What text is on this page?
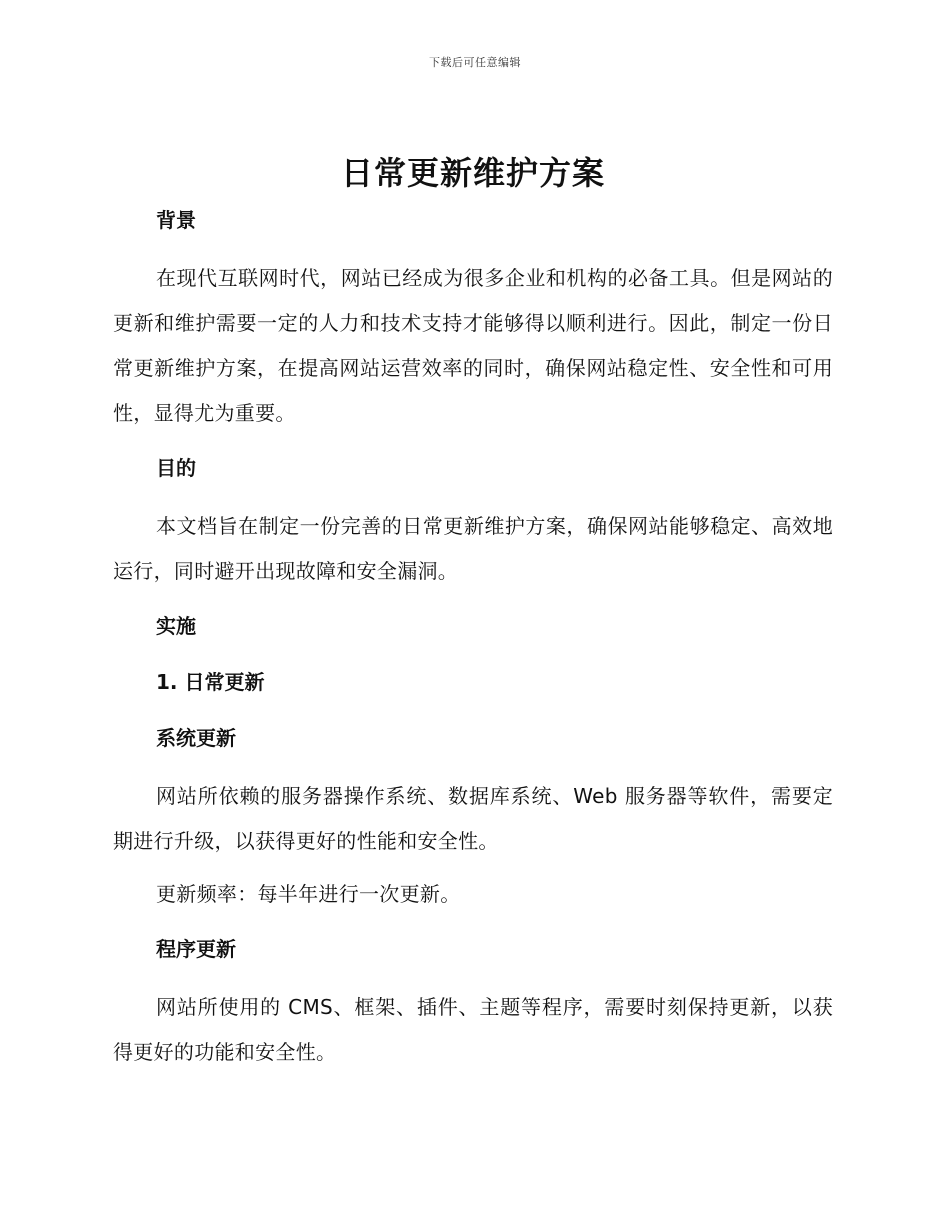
下载后可任意编辑
日常更新维护方案
背景

在现代互联网时代，网站已经成为很多企业和机构的必备工具。但是网站的更新和维护需要一定的人力和技术支持才能够得以顺利进行。因此，制定一份日常更新维护方案，在提高网站运营效率的同时，确保网站稳定性、安全性和可用性，显得尤为重要。

目的

本文档旨在制定一份完善的日常更新维护方案，确保网站能够稳定、高效地运行，同时避开出现故障和安全漏洞。

实施
1. 日常更新
系统更新

网站所依赖的服务器操作系统、数据库系统、Web 服务器等软件，需要定期进行升级，以获得更好的性能和安全性。

更新频率：每半年进行一次更新。

程序更新

网站所使用的 CMS、框架、插件、主题等程序，需要时刻保持更新，以获得更好的功能和安全性。
